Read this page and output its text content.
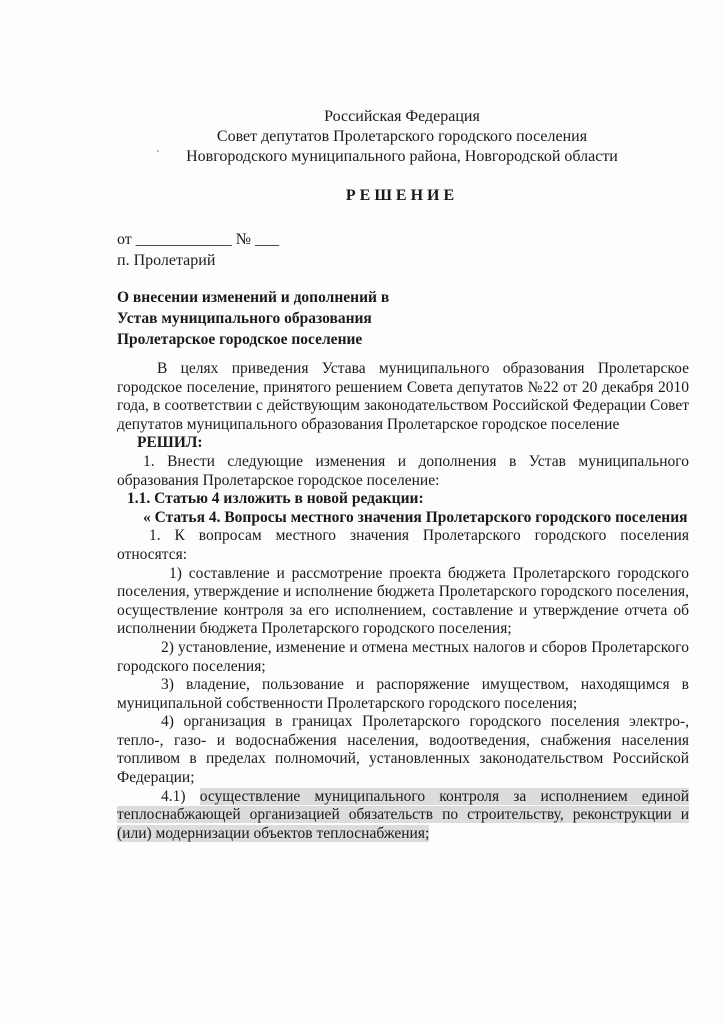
Российская Федерация
Совет депутатов Пролетарского городского поселения
Новгородского муниципального района, Новгородской области
РЕШЕНИЕ
от ____________ № ___
п. Пролетарий
О внесении изменений и дополнений в
Устав муниципального образования
Пролетарское городское поселение

В целях приведения Устава муниципального образования Пролетарское городское поселение, принятого решением Совета депутатов №22 от 20 декабря 2010 года, в соответствии с действующим законодательством Российской Федерации Совет депутатов муниципального образования Пролетарское городское поселение

РЕШИЛ:

1. Внести следующие изменения и дополнения в Устав муниципального образования Пролетарское городское поселение:

1.1. Статью 4 изложить в новой редакции:

« Статья 4. Вопросы местного значения Пролетарского городского поселения

1. К вопросам местного значения Пролетарского городского поселения относятся:

1) составление и рассмотрение проекта бюджета Пролетарского городского поселения, утверждение и исполнение бюджета Пролетарского городского поселения, осуществление контроля за его исполнением, составление и утверждение отчета об исполнении бюджета Пролетарского городского поселения;

2) установление, изменение и отмена местных налогов и сборов Пролетарского городского поселения;

3) владение, пользование и распоряжение имуществом, находящимся в муниципальной собственности Пролетарского городского поселения;

4) организация в границах Пролетарского городского поселения электро-, тепло-, газо- и водоснабжения населения, водоотведения, снабжения населения топливом в пределах полномочий, установленных законодательством Российской Федерации;

4.1) осуществление муниципального контроля за исполнением единой теплоснабжающей организацией обязательств по строительству, реконструкции и (или) модернизации объектов теплоснабжения;
